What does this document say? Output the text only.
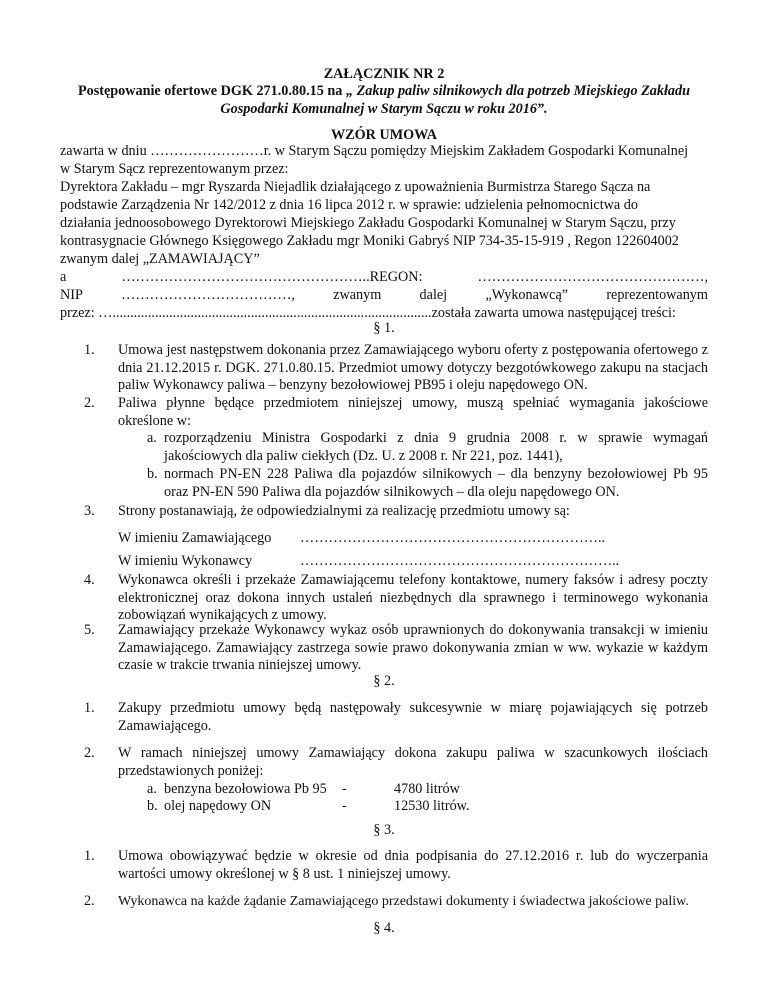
ZAŁĄCZNIK NR 2
Postępowanie ofertowe DGK 271.0.80.15 na „ Zakup paliw silnikowych dla potrzeb Miejskiego Zakładu
Gospodarki Komunalnej w Starym Sączu w roku 2016”.
WZÓR UMOWA
zawarta w dniu ……………………r. w Starym Sączu pomiędzy Miejskim Zakładem Gospodarki Komunalnej
w Starym Sącz reprezentowanym przez:
Dyrektora Zakładu – mgr Ryszarda Niejadlik działającego z upoważnienia Burmistrza Starego Sącza na
podstawie Zarządzenia Nr 142/2012 z dnia 16 lipca 2012 r. w sprawie: udzielenia pełnomocnictwa do
działania jednoosobowego Dyrektorowi Miejskiego Zakładu Gospodarki Komunalnej w Starym Sączu, przy
kontrasygnacie Głównego Księgowego Zakładu mgr Moniki Gabryś NIP 734-35-15-919 , Regon 122604002
zwanym dalej „ZAMAWIAJĄCY”
a	……………………………………………..REGON:	…………………………………………,
NIP	………………………………,	zwanym	dalej	„Wykonawcą”	reprezentowanym
przez: …..........................................................................................została zawarta umowa następującej treści:
§ 1.
1.	Umowa jest następstwem dokonania przez Zamawiającego wyboru oferty z postępowania ofertowego z dnia 21.12.2015 r. DGK. 271.0.80.15. Przedmiot umowy dotyczy bezgotówkowego zakupu na stacjach paliw Wykonawcy paliwa – benzyny bezołowiowej PB95 i oleju napędowego ON.
2.	Paliwa płynne będące przedmiotem niniejszej umowy, muszą spełniać wymagania jakościowe określone w:
a. rozporządzeniu Ministra Gospodarki z dnia 9 grudnia 2008 r. w sprawie wymagań jakościowych dla paliw ciekłych (Dz. U. z 2008 r. Nr 221, poz. 1441),
b. normach PN-EN 228 Paliwa dla pojazdów silnikowych – dla benzyny bezołowiowej Pb 95 oraz PN-EN 590 Paliwa dla pojazdów silnikowych – dla oleju napędowego ON.
3.	Strony postanawiają, że odpowiedzialnymi za realizację przedmiotu umowy są:
W imieniu Zamawiającego ………………………………………………………..
W imieniu Wykonawcy	…………………………………………………………..
4.	Wykonawca określi i przekaże Zamawiającemu telefony kontaktowe, numery faksów i adresy poczty elektronicznej oraz dokona innych ustaleń niezbędnych dla sprawnego i terminowego wykonania zobowiązań wynikających z umowy.
5.	Zamawiający przekaże Wykonawcy wykaz osób uprawnionych do dokonywania transakcji w imieniu Zamawiającego. Zamawiający zastrzega sowie prawo dokonywania zmian w ww. wykazie w każdym czasie w trakcie trwania niniejszej umowy.
§ 2.
1.	Zakupy przedmiotu umowy będą następowały sukcesywnie w miarę pojawiających się potrzeb Zamawiającego.
2.	W ramach niniejszej umowy Zamawiający dokona zakupu paliwa w szacunkowych ilościach przedstawionych poniżej:
a. benzyna bezołowiowa Pb 95 -	4780 litrów
b. olej napędowy ON	-	12530 litrów.
§ 3.
1.	Umowa obowiązywać będzie w okresie od dnia podpisania do 27.12.2016 r. lub do wyczerpania wartości umowy określonej w § 8 ust. 1 niniejszej umowy.
2.	Wykonawca na każde żądanie Zamawiającego przedstawi dokumenty i świadectwa jakościowe paliw.
§ 4.
